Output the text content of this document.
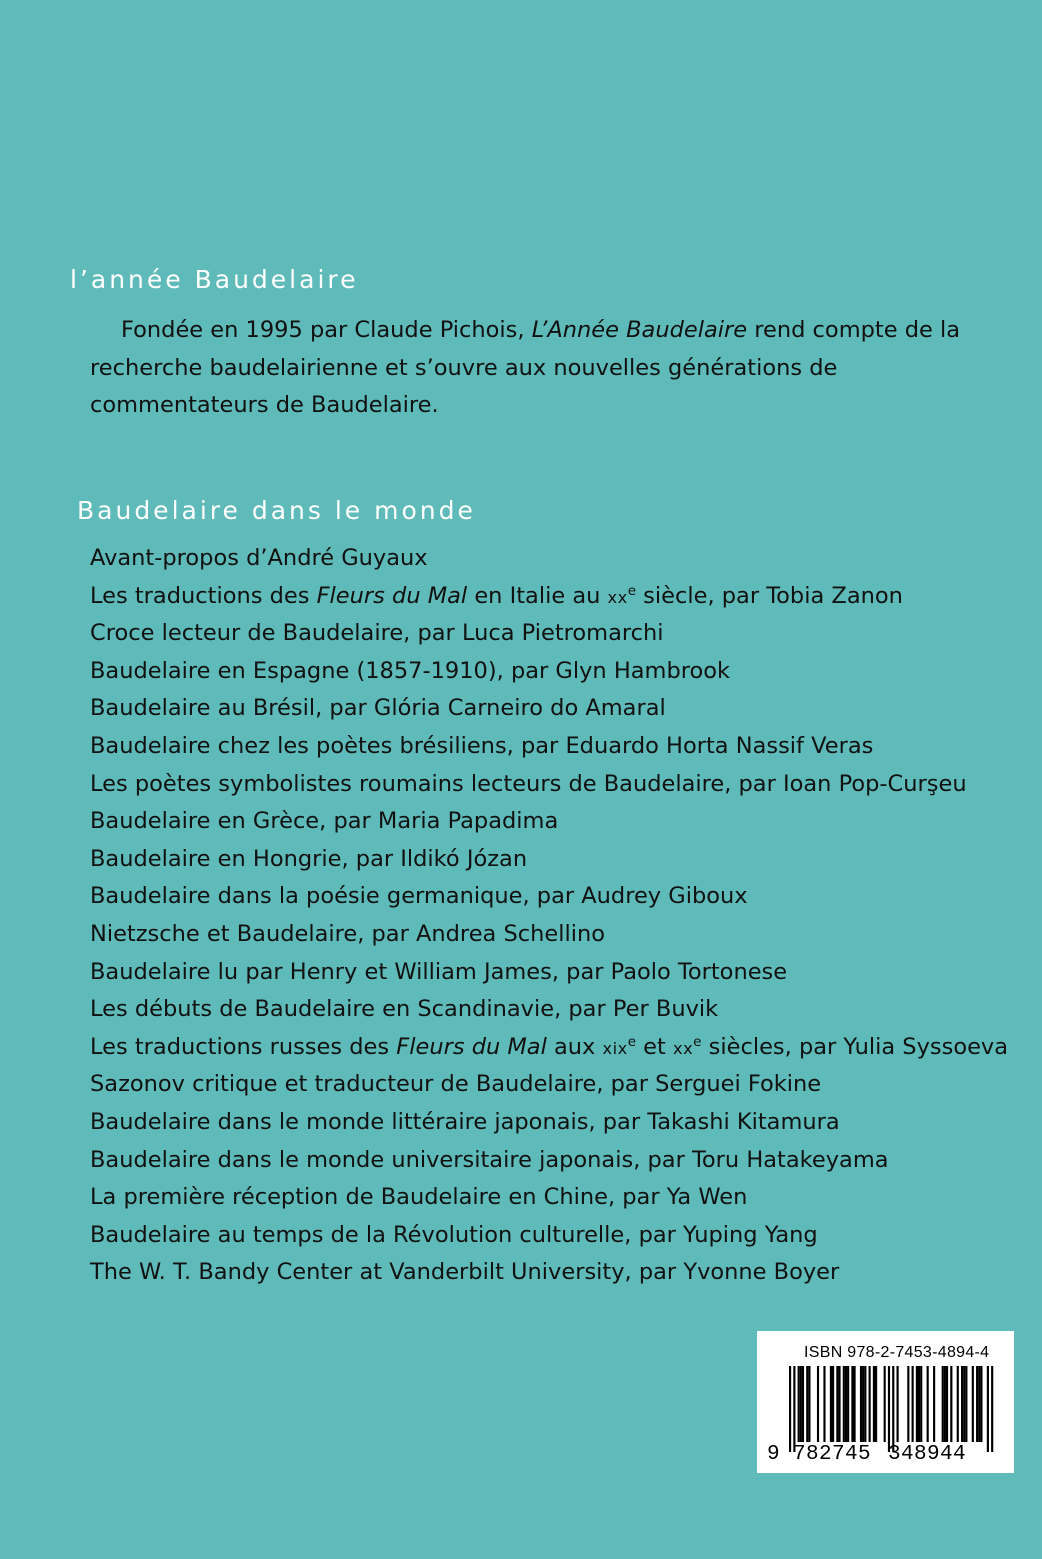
l’année Baudelaire

Fondée en 1995 par Claude Pichois, L’Année Baudelaire rend compte de la recherche baudelairienne et s’ouvre aux nouvelles générations de commentateurs de Baudelaire.

Baudelaire dans le monde
Avant-propos d’André Guyaux
Les traductions des Fleurs du Mal en Italie au $xx^e$ siècle, par Tobia Zanon
Croce lecteur de Baudelaire, par Luca Pietromarchi
Baudelaire en Espagne (1857-1910), par Glyn Hambrook
Baudelaire au Brésil, par Glória Carneiro do Amaral
Baudelaire chez les poètes brésiliens, par Eduardo Horta Nassif Veras
Les poètes symbolistes roumains lecteurs de Baudelaire, par Ioan Pop-Curşeu
Baudelaire en Grèce, par Maria Papadima
Baudelaire en Hongrie, par Ildikó Józan
Baudelaire dans la poésie germanique, par Audrey Giboux
Nietzsche et Baudelaire, par Andrea Schellino
Baudelaire lu par Henry et William James, par Paolo Tortonese
Les débuts de Baudelaire en Scandinavie, par Per Buvik
Les traductions russes des Fleurs du Mal aux xix$^e$ et $xx^e$ siècles, par Yulia Syssoeva
Sazonov critique et traducteur de Baudelaire, par Serguei Fokine
Baudelaire dans le monde littéraire japonais, par Takashi Kitamura
Baudelaire dans le monde universitaire japonais, par Toru Hatakeyama
La première réception de Baudelaire en Chine, par Ya Wen
Baudelaire au temps de la Révolution culturelle, par Yuping Yang
The W. T. Bandy Center at Vanderbilt University, par Yvonne Boyer
ISBN 978-2-7453-4894-4
9 782745 348944
